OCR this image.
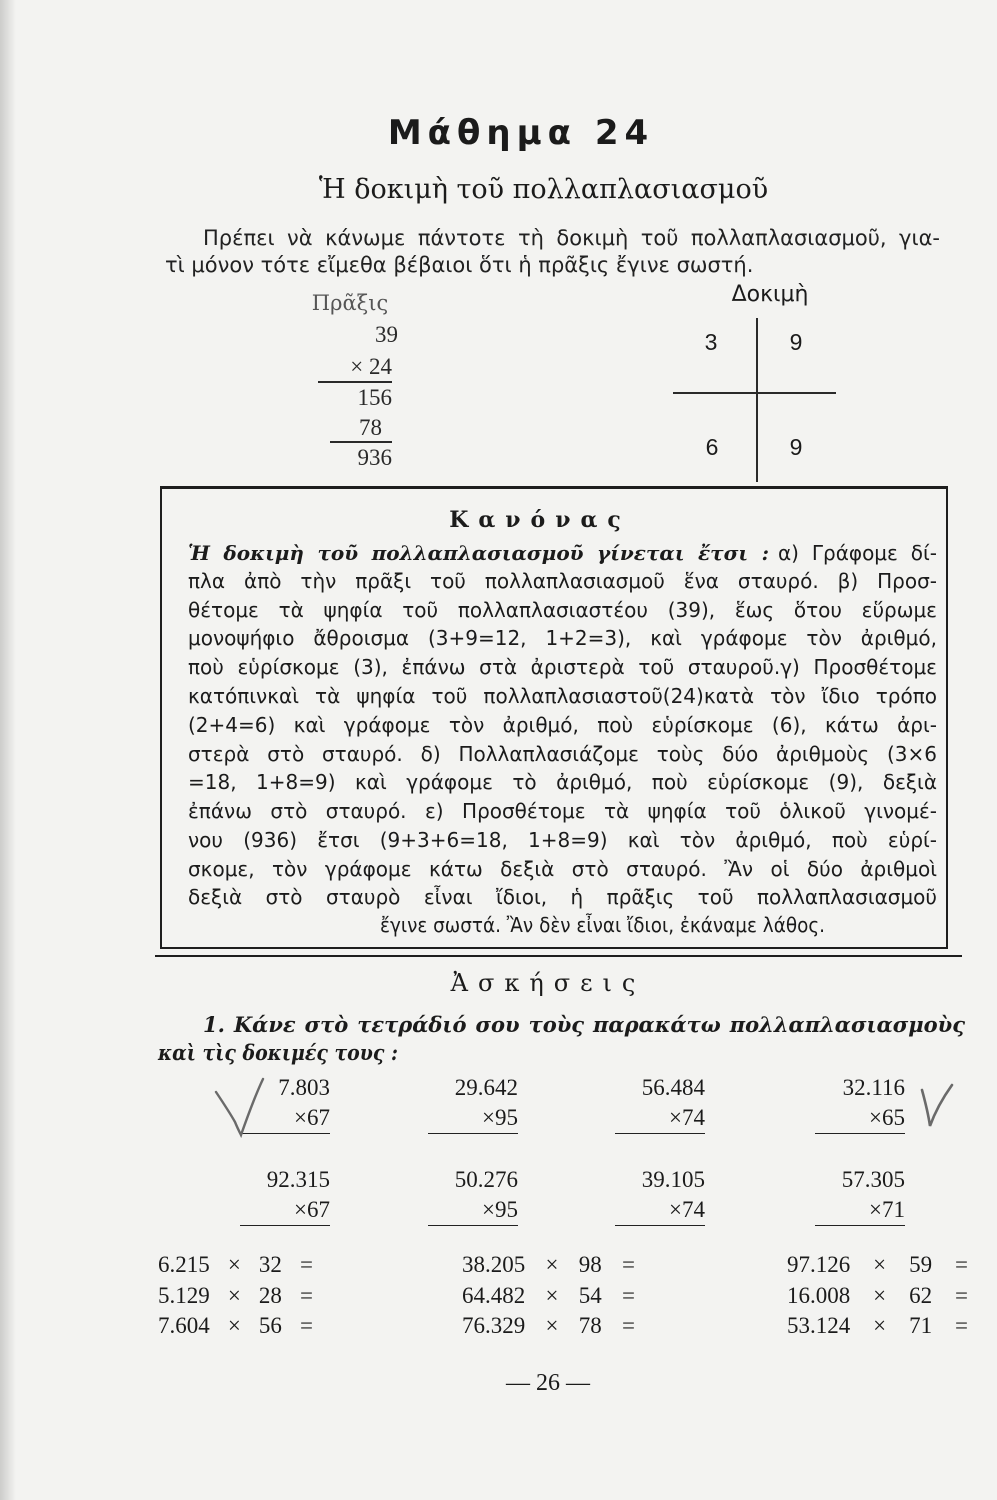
Μάθημα 24
Ἡ δοκιμὴ τοῦ πολλαπλασιασμοῦ
Πρέπει νὰ κάνωμε πάντοτε τὴ δοκιμὴ τοῦ πολλαπλασιασμοῦ, για-
τὶ μόνον τότε εἴμεθα βέβαιοι ὅτι ἡ πρᾶξις ἔγινε σωστή.
Πρᾶξις
39
× 24
156
78
936
Δοκιμὴ
3	9
6	9
Κανόνας
Ἡ δοκιμὴ τοῦ πολλαπλασιασμοῦ γίνεται ἔτσι : α) Γράφομε δί-
πλα ἀπὸ τὴν πρᾶξι τοῦ πολλαπλασιασμοῦ ἕνα σταυρό. β) Προσ-
θέτομε τὰ ψηφία τοῦ πολλαπλασιαστέου (39), ἕως ὅτου εὕρωμε
μονοψήφιο ἄθροισμα (3+9=12, 1+2=3), καὶ γράφομε τὸν ἀριθμό,
ποὺ εὑρίσκομε (3), ἐπάνω στὰ ἀριστερὰ τοῦ σταυροῦ.γ) Προσθέτομε
κατόπινκαὶ τὰ ψηφία τοῦ πολλαπλασιαστοῦ(24)κατὰ τὸν ἴδιο τρόπο
(2+4=6) καὶ γράφομε τὸν ἀριθμό, ποὺ εὑρίσκομε (6), κάτω ἀρι-
στερὰ στὸ σταυρό. δ) Πολλαπλασιάζομε τοὺς δύο ἀριθμοὺς (3×6
=18, 1+8=9) καὶ γράφομε τὸ ἀριθμό, ποὺ εὑρίσκομε (9), δεξιὰ
ἐπάνω στὸ σταυρό. ε) Προσθέτομε τὰ ψηφία τοῦ ὁλικοῦ γινομέ-
νου (936) ἔτσι (9+3+6=18, 1+8=9) καὶ τὸν ἀριθμό, ποὺ εὑρί-
σκομε, τὸν γράφομε κάτω δεξιὰ στὸ σταυρό. Ἂν οἱ δύο ἀριθμοὶ
δεξιὰ στὸ σταυρὸ εἶναι ἴδιοι, ἡ πρᾶξις τοῦ πολλαπλασιασμοῦ
ἔγινε σωστά. Ἂν δὲν εἶναι ἴδιοι, ἐκάναμε λάθος.
Ἀσκήσεις
1. Κάνε στὸ τετράδιό σου τοὺς παρακάτω πολλαπλασιασμοὺς
καὶ τὶς δοκιμές τους :
7.803
×67
29.642
×95
56.484
×74
32.116
×65
92.315
×67
50.276
×95
39.105
×74
57.305
×71
6.215 × 32 =	38.205 × 98 =	97.126 × 59 =
5.129 × 28 =	64.482 × 54 =	16.008 × 62 =
7.604 × 56 =	76.329 × 78 =	53.124 × 71 =
— 26 —
